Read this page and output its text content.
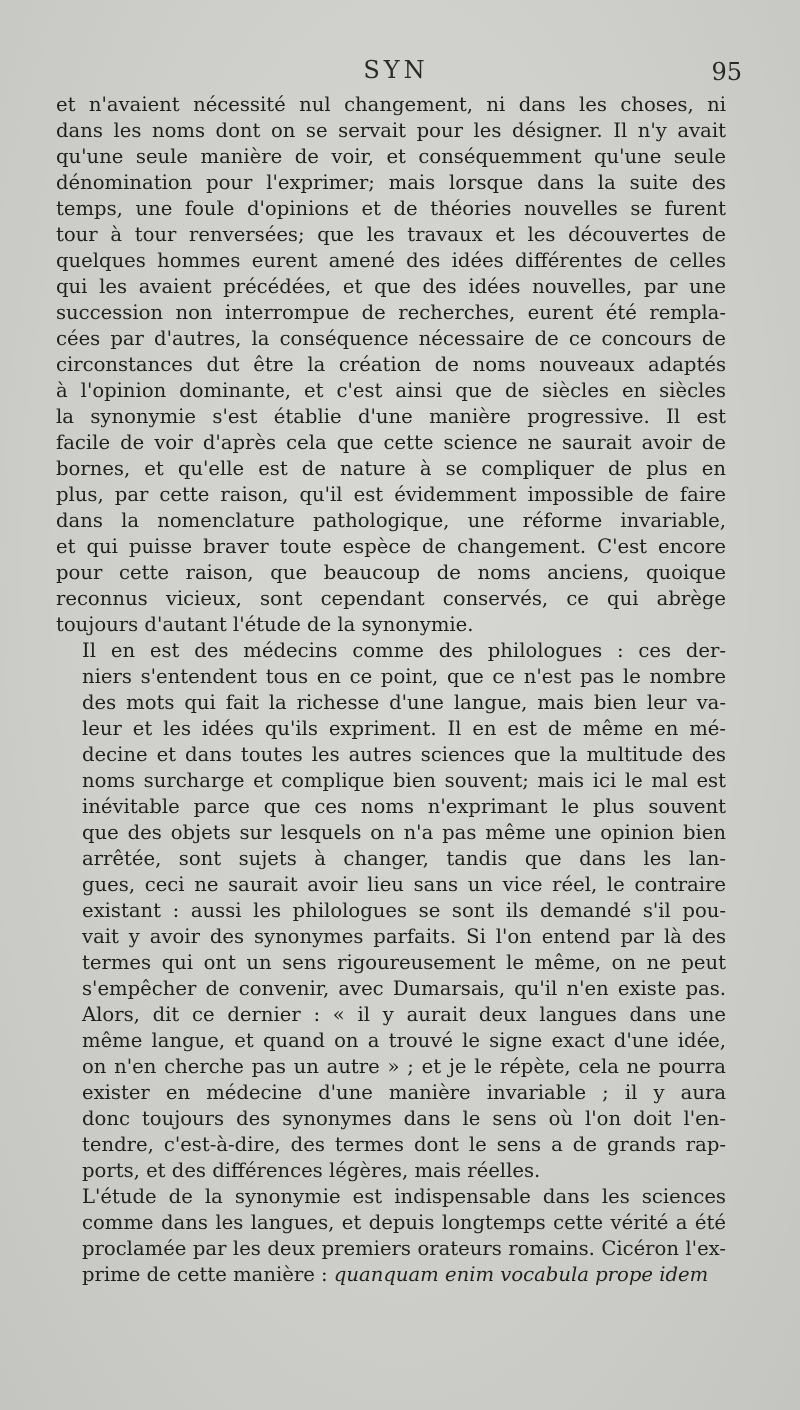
SYN	95

et n'avaient nécessité nul changement, ni dans les choses, ni
dans les noms dont on se servait pour les désigner. Il n'y avait
qu'une seule manière de voir, et conséquemment qu'une seule
dénomination pour l'exprimer; mais lorsque dans la suite des
temps, une foule d'opinions et de théories nouvelles se furent
tour à tour renversées; que les travaux et les découvertes de
quelques hommes eurent amené des idées différentes de celles
qui les avaient précédées, et que des idées nouvelles, par une
succession non interrompue de recherches, eurent été rempla-
cées par d'autres, la conséquence nécessaire de ce concours de
circonstances dut être la création de noms nouveaux adaptés
à l'opinion dominante, et c'est ainsi que de siècles en siècles
la synonymie s'est établie d'une manière progressive. Il est
facile de voir d'après cela que cette science ne saurait avoir de
bornes, et qu'elle est de nature à se compliquer de plus en
plus, par cette raison, qu'il est évidemment impossible de faire
dans la nomenclature pathologique, une réforme invariable,
et qui puisse braver toute espèce de changement. C'est encore
pour cette raison, que beaucoup de noms anciens, quoique
reconnus vicieux, sont cependant conservés, ce qui abrège
toujours d'autant l'étude de la synonymie.

Il en est des médecins comme des philologues : ces der-
niers s'entendent tous en ce point, que ce n'est pas le nombre
des mots qui fait la richesse d'une langue, mais bien leur va-
leur et les idées qu'ils expriment. Il en est de même en mé-
decine et dans toutes les autres sciences que la multitude des
noms surcharge et complique bien souvent; mais ici le mal est
inévitable parce que ces noms n'exprimant le plus souvent
que des objets sur lesquels on n'a pas même une opinion bien
arrêtée, sont sujets à changer, tandis que dans les lan-
gues, ceci ne saurait avoir lieu sans un vice réel, le contraire
existant : aussi les philologues se sont ils demandé s'il pou-
vait y avoir des synonymes parfaits. Si l'on entend par là des
termes qui ont un sens rigoureusement le même, on ne peut
s'empêcher de convenir, avec Dumarsais, qu'il n'en existe pas.
Alors, dit ce dernier : « il y aurait deux langues dans une
même langue, et quand on a trouvé le signe exact d'une idée,
on n'en cherche pas un autre » ; et je le répète, cela ne pourra
exister en médecine d'une manière invariable ; il y aura
donc toujours des synonymes dans le sens où l'on doit l'en-
tendre, c'est-à-dire, des termes dont le sens a de grands rap-
ports, et des différences légères, mais réelles.

L'étude de la synonymie est indispensable dans les sciences
comme dans les langues, et depuis longtemps cette vérité a été
proclamée par les deux premiers orateurs romains. Cicéron l'ex-
prime de cette manière : quanquam enim vocabula prope idem
